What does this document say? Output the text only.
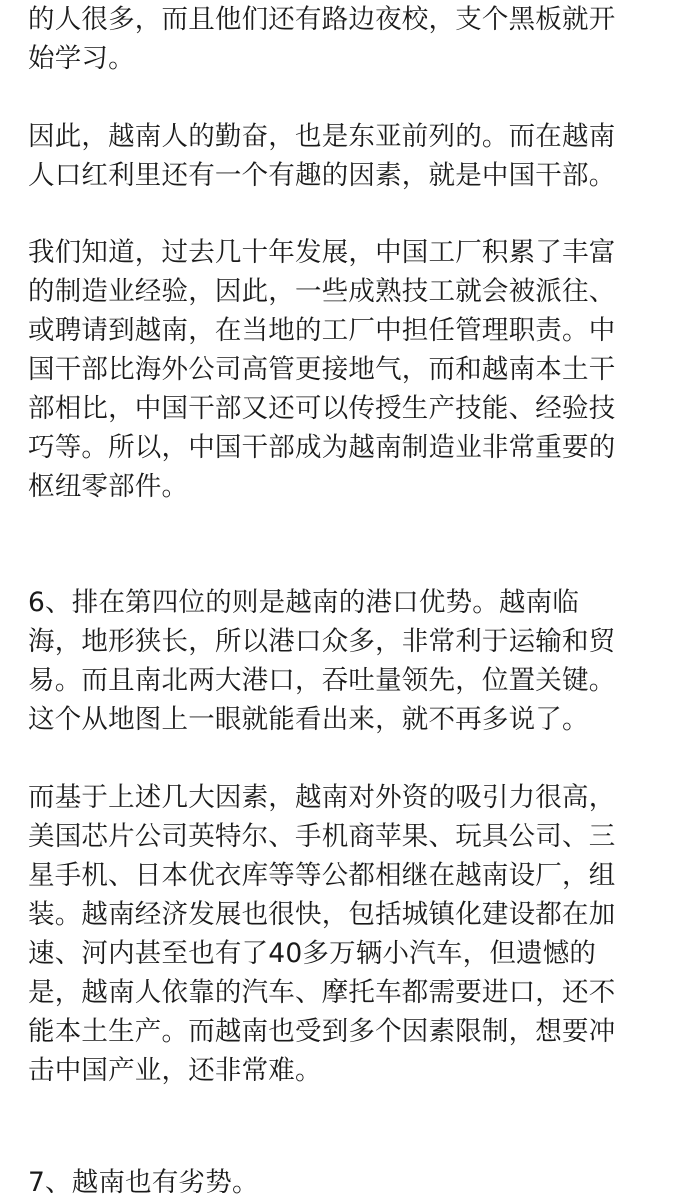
的人很多，而且他们还有路边夜校，支个黑板就开
始学习。
因此，越南人的勤奋，也是东亚前列的。而在越南
人口红利里还有一个有趣的因素，就是中国干部。
我们知道，过去几十年发展，中国工厂积累了丰富
的制造业经验，因此，一些成熟技工就会被派往、
或聘请到越南，在当地的工厂中担任管理职责。中
国干部比海外公司高管更接地气，而和越南本土干
部相比，中国干部又还可以传授生产技能、经验技
巧等。所以，中国干部成为越南制造业非常重要的
枢纽零部件。
6、排在第四位的则是越南的港口优势。越南临
海，地形狭长，所以港口众多，非常利于运输和贸
易。而且南北两大港口，吞吐量领先，位置关键。
这个从地图上一眼就能看出来，就不再多说了。
而基于上述几大因素，越南对外资的吸引力很高，
美国芯片公司英特尔、手机商苹果、玩具公司、三
星手机、日本优衣库等等公都相继在越南设厂，组
装。越南经济发展也很快，包括城镇化建设都在加
速、河内甚至也有了40多万辆小汽车，但遗憾的
是，越南人依靠的汽车、摩托车都需要进口，还不
能本土生产。而越南也受到多个因素限制，想要冲
击中国产业，还非常难。
7、越南也有劣势。
